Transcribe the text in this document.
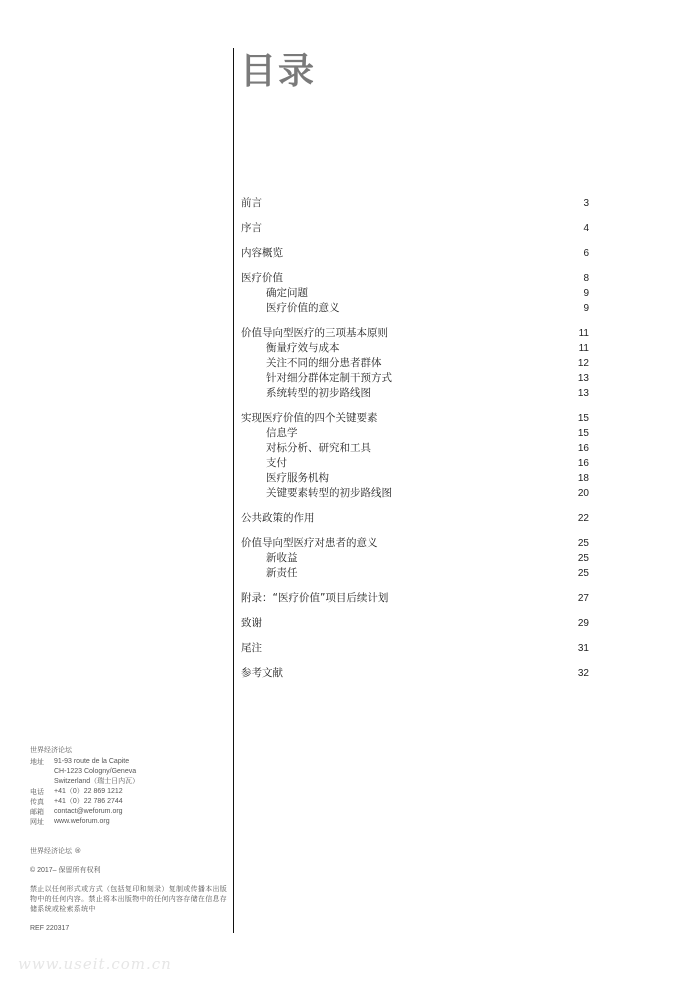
目录
前言	3
序言	4
内容概览	6
医疗价值	8
确定问题	9
医疗价值的意义	9
价值导向型医疗的三项基本原则	11
衡量疗效与成本	11
关注不同的细分患者群体	12
针对细分群体定制干预方式	13
系统转型的初步路线图	13
实现医疗价值的四个关键要素	15
信息学	15
对标分析、研究和工具	16
支付	16
医疗服务机构	18
关键要素转型的初步路线图	20
公共政策的作用	22
价值导向型医疗对患者的意义	25
新收益	25
新责任	25
附录：“医疗价值”项目后续计划	27
致谢	29
尾注	31
参考文献	32
世界经济论坛
地址	91-93 route de la Capite
CH-1223 Cologny/Geneva
Switzerland（瑞士日内瓦）
电话	+41（0）22 869 1212
传真	+41（0）22 786 2744
邮箱	contact@weforum.org
网址	www.weforum.org
世界经济论坛 ®
© 2017– 保留所有权利
禁止以任何形式或方式（包括复印和刻录）复制或传播本出版物中的任何内容。禁止将本出版物中的任何内容存储在信息存储系统或检索系统中
REF 220317
www.useit.com.cn
